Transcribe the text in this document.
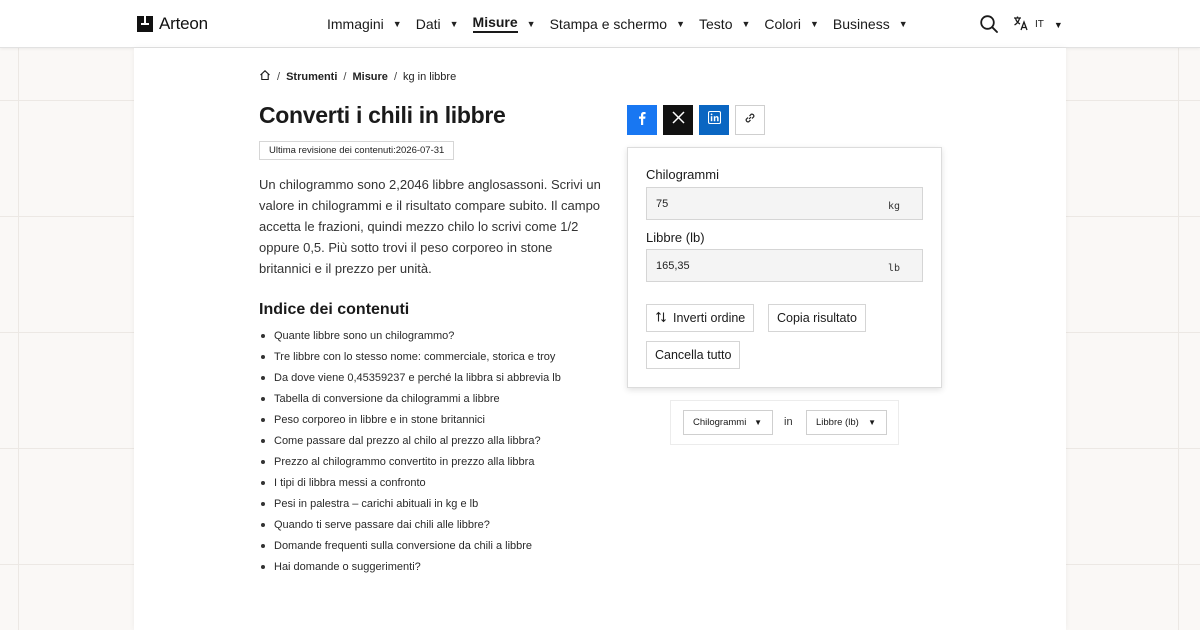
Arteon	Immagini ▼ Dati ▼ Misure ▼ Stampa e schermo ▼ Testo ▼ Colori ▼ Business ▼	IT ▼
/ Strumenti / Misure / kg in libbre
Converti i chili in libbre
Ultima revisione dei contenuti:2026-07-31

Un chilogrammo sono 2,2046 libbre anglosassoni. Scrivi un valore in chilogrammi e il risultato compare subito. Il campo accetta le frazioni, quindi mezzo chilo lo scrivi come 1/2 oppure 0,5. Più sotto trovi il peso corporeo in stone britannici e il prezzo per unità.

Indice dei contenuti
Quante libbre sono un chilogrammo?
Tre libbre con lo stesso nome: commerciale, storica e troy
Da dove viene 0,45359237 e perché la libbra si abbrevia lb
Tabella di conversione da chilogrammi a libbre
Peso corporeo in libbre e in stone britannici
Come passare dal prezzo al chilo al prezzo alla libbra?
Prezzo al chilogrammo convertito in prezzo alla libbra
I tipi di libbra messi a confronto
Pesi in palestra – carichi abituali in kg e lb
Quando ti serve passare dai chili alle libbre?
Domande frequenti sulla conversione da chili a libbre
Hai domande o suggerimenti?
Chilogrammi
75
kg
Libbre (lb)
165,35
lb
Inverti ordine	Copia risultato
Cancella tutto
Chilogrammi ▼ in Libbre (lb) ▼
